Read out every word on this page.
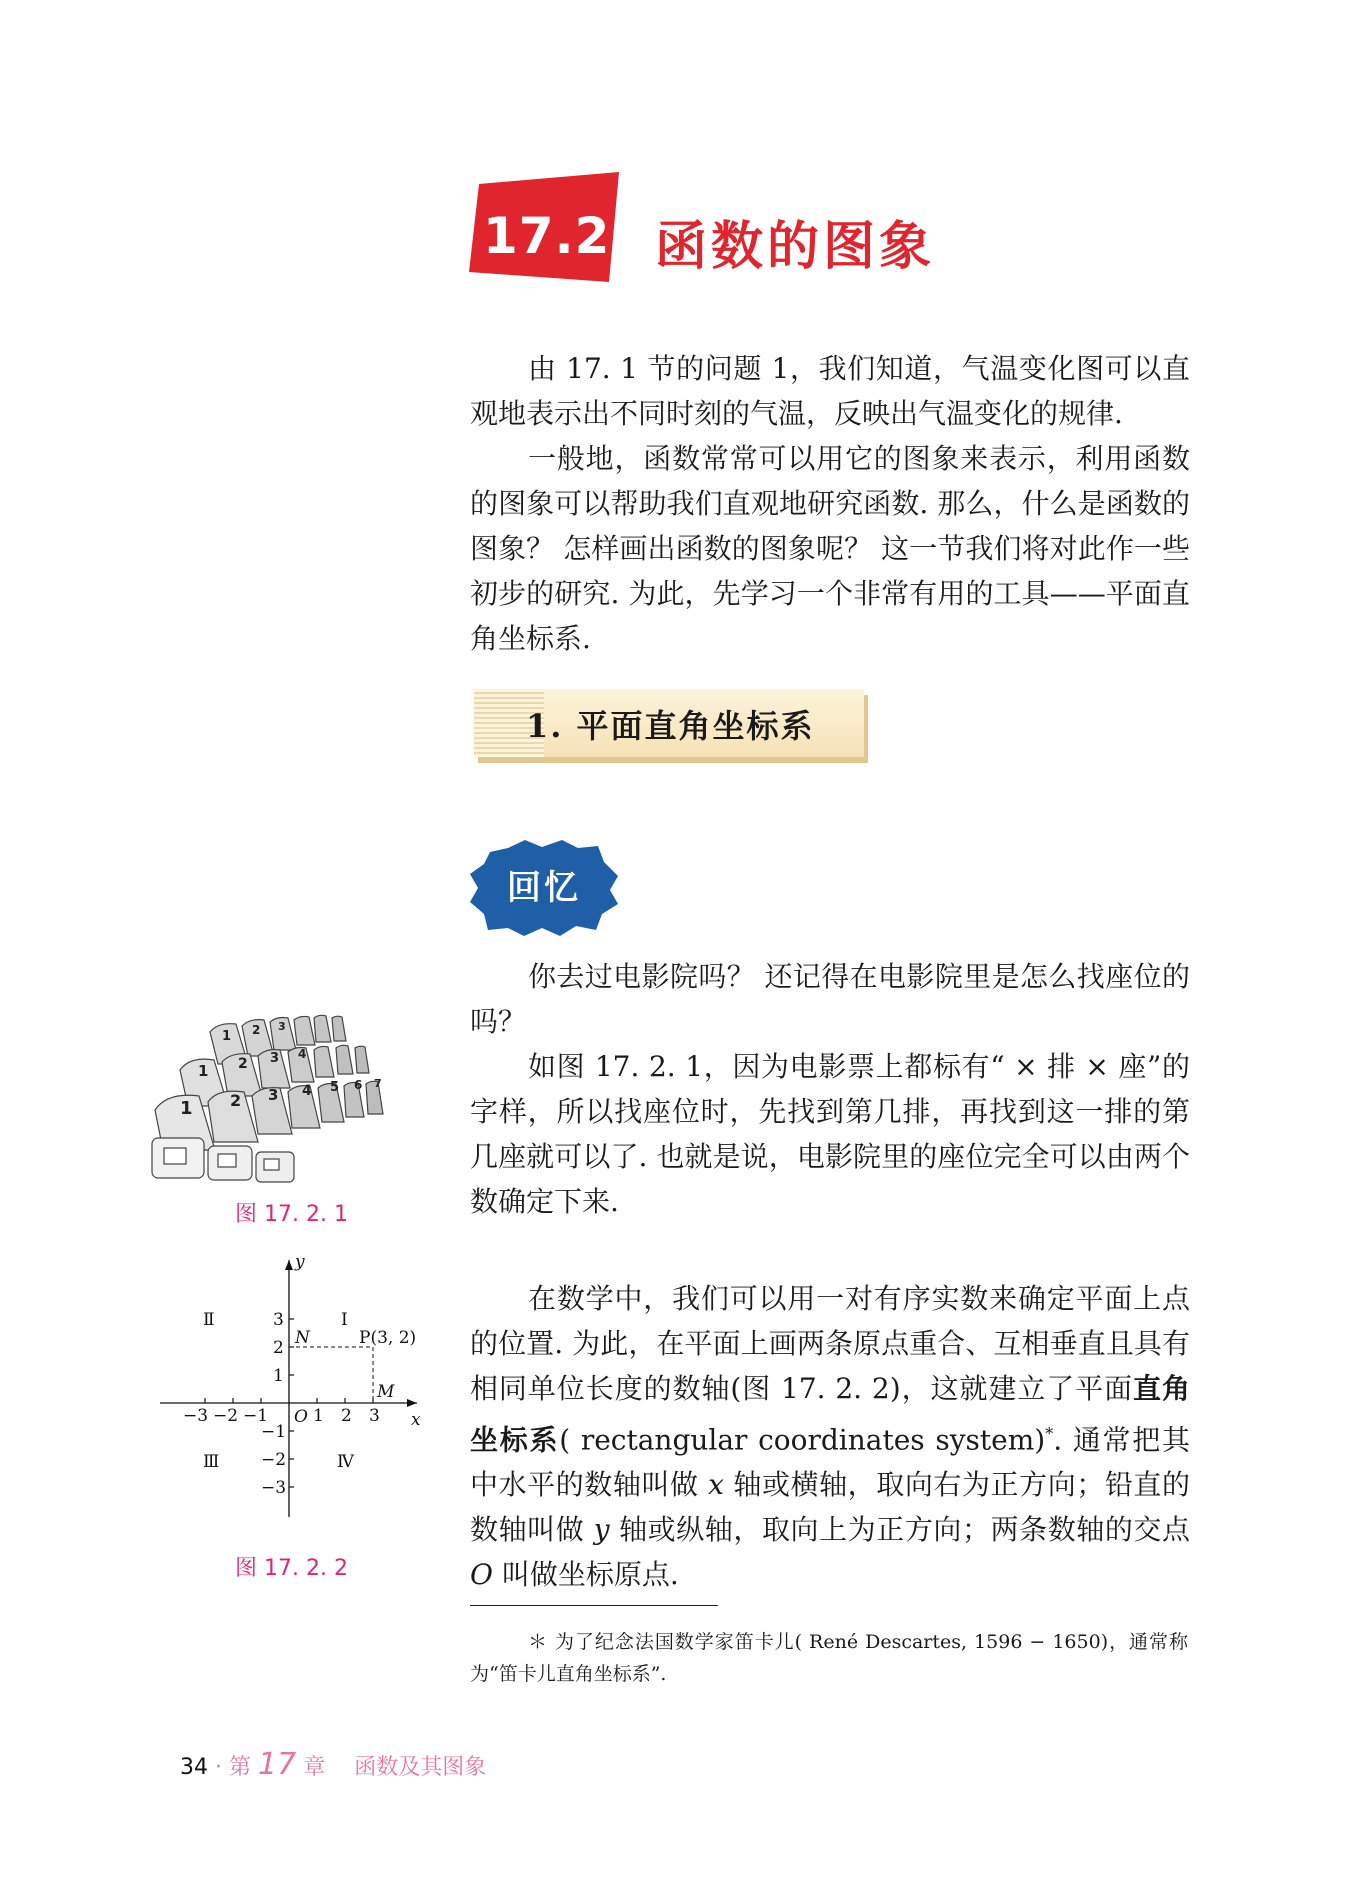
17.2 函数的图象
由 17. 1 节的问题 1，我们知道，气温变化图可以直观地表示出不同时刻的气温，反映出气温变化的规律.
一般地，函数常常可以用它的图象来表示，利用函数的图象可以帮助我们直观地研究函数. 那么，什么是函数的图象？ 怎样画出函数的图象呢？ 这一节我们将对此作一些初步的研究. 为此，先学习一个非常有用的工具——平面直角坐标系.
1. 平面直角坐标系
回忆
你去过电影院吗？ 还记得在电影院里是怎么找座位的吗？
如图 17. 2. 1，因为电影票上都标有“ × 排 × 座”的字样，所以找座位时，先找到第几排，再找到这一排的第几座就可以了. 也就是说，电影院里的座位完全可以由两个数确定下来.
1 2 3 4 5 6 7
1 2 3 4
1 2 3
图 17. 2. 1
y
x
O
−3 −2 −1	1 2 3
3
2
1
−1
−2
−3
Ⅰ
Ⅱ
Ⅲ	Ⅳ
N	P(3, 2)
M
图 17. 2. 2
在数学中，我们可以用一对有序实数来确定平面上点的位置. 为此，在平面上画两条原点重合、互相垂直且具有相同单位长度的数轴(图 17. 2. 2)，这就建立了平面直角坐标系( rectangular coordinates system)*. 通常把其中水平的数轴叫做 x 轴或横轴，取向右为正方向；铅直的数轴叫做 y 轴或纵轴，取向上为正方向；两条数轴的交点 O 叫做坐标原点.
＊ 为了纪念法国数学家笛卡儿( René Descartes, 1596 − 1650)，通常称为“笛卡儿直角坐标系”.
34 · 第 17 章 函数及其图象
